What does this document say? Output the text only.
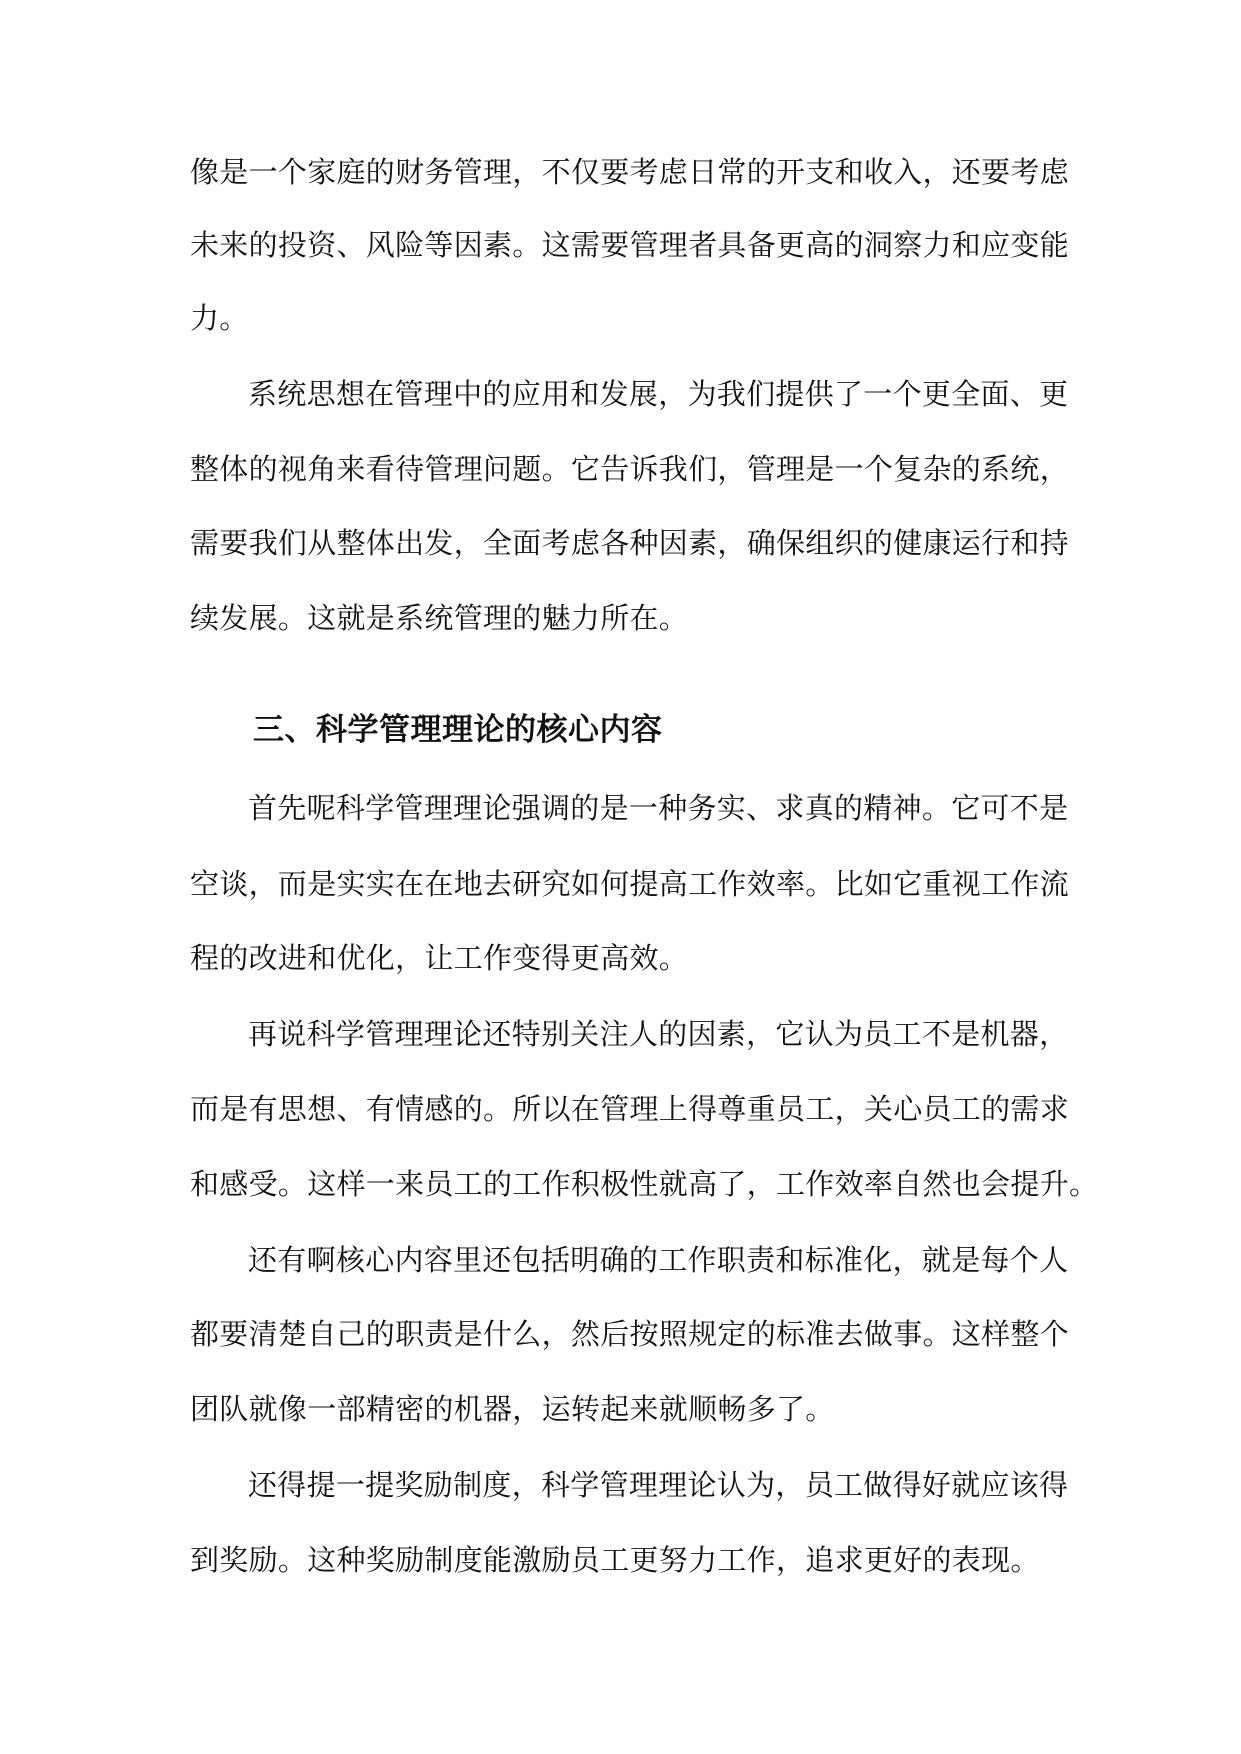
像是一个家庭的财务管理，不仅要考虑日常的开支和收入，还要考虑
未来的投资、风险等因素。这需要管理者具备更高的洞察力和应变能
力。
系统思想在管理中的应用和发展，为我们提供了一个更全面、更
整体的视角来看待管理问题。它告诉我们，管理是一个复杂的系统，
需要我们从整体出发，全面考虑各种因素，确保组织的健康运行和持
续发展。这就是系统管理的魅力所在。
三、科学管理理论的核心内容
首先呢科学管理理论强调的是一种务实、求真的精神。它可不是
空谈，而是实实在在地去研究如何提高工作效率。比如它重视工作流
程的改进和优化，让工作变得更高效。
再说科学管理理论还特别关注人的因素，它认为员工不是机器，
而是有思想、有情感的。所以在管理上得尊重员工，关心员工的需求
和感受。这样一来员工的工作积极性就高了，工作效率自然也会提升。
还有啊核心内容里还包括明确的工作职责和标准化，就是每个人
都要清楚自己的职责是什么，然后按照规定的标准去做事。这样整个
团队就像一部精密的机器，运转起来就顺畅多了。
还得提一提奖励制度，科学管理理论认为，员工做得好就应该得
到奖励。这种奖励制度能激励员工更努力工作，追求更好的表现。
